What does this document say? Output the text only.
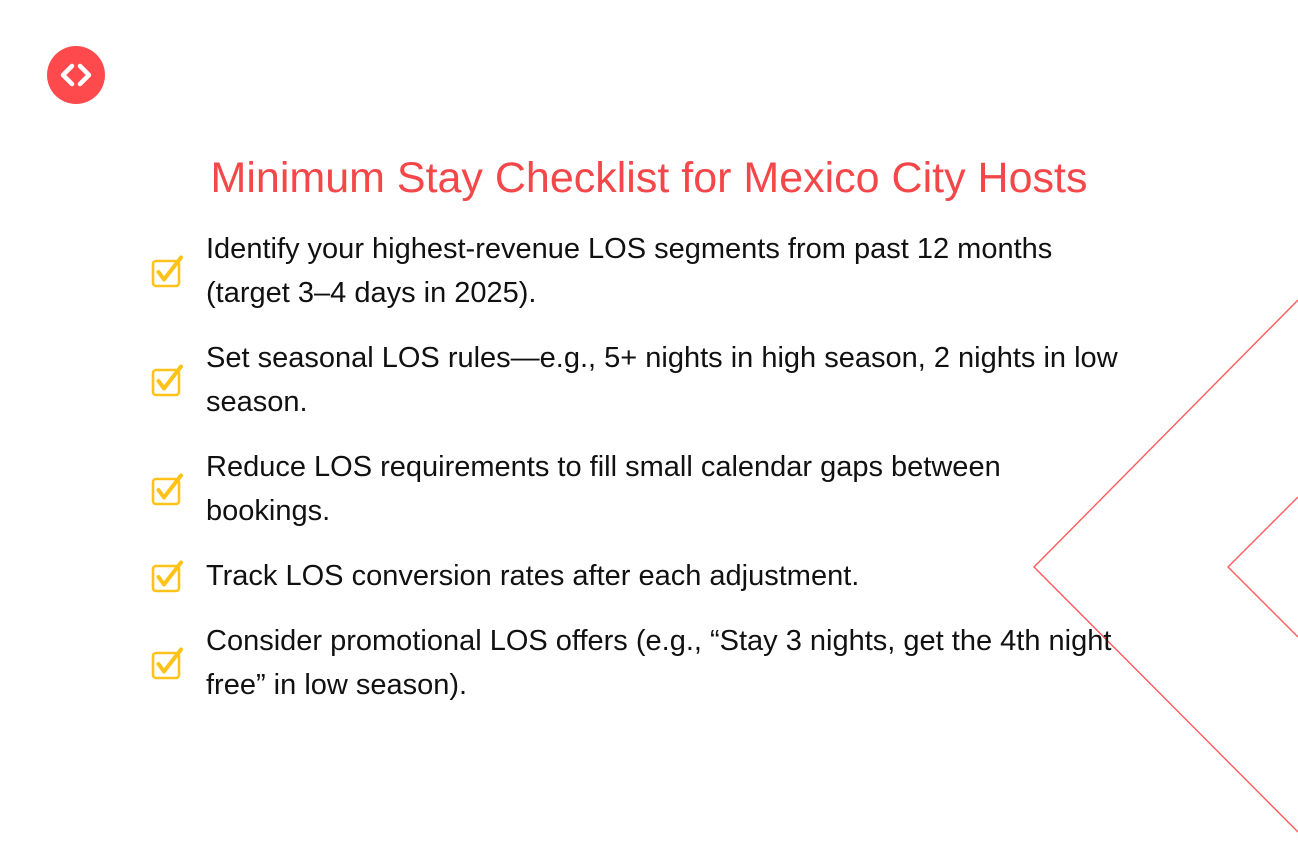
Minimum Stay Checklist for Mexico City Hosts
Identify your highest-revenue LOS segments from past 12 months (target 3–4 days in 2025).
Set seasonal LOS rules—e.g., 5+ nights in high season, 2 nights in low season.
Reduce LOS requirements to fill small calendar gaps between bookings.
Track LOS conversion rates after each adjustment.
Consider promotional LOS offers (e.g., “Stay 3 nights, get the 4th night free” in low season).
